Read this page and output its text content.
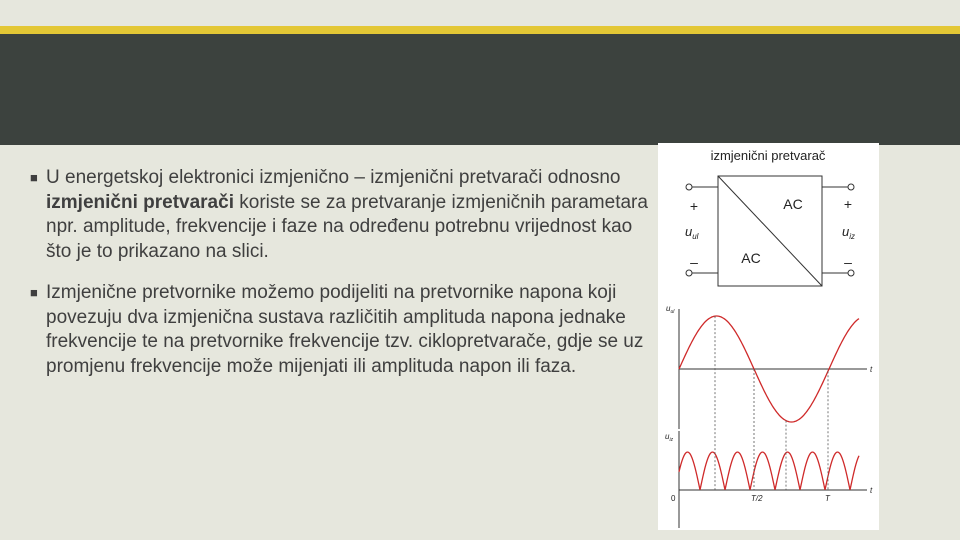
■ U energetskoj elektronici izmjenično – izmjenični pretvarači odnosno izmjenični pretvarači koriste se za pretvaranje izmjeničnih parametara npr. amplitude, frekvencije i faze na određenu potrebnu vrijednost kao što je to prikazano na slici.
■ Izmjenične pretvornike možemo podijeliti na pretvornike napona koji povezuju dva izmjenična sustava različitih amplituda napona jednake frekvencije te na pretvornike frekvencije tzv. ciklopretvarače, gdje se uz promjenu frekvencije može mijenjati ili amplituda napon ili faza.
izmjenični pretvarač
AC
AC
+
–
+
–
$u_{ul}$	$u_{iz}$
$u_{ul}$
t
$u_{iz}$
t
0	T/2	T
